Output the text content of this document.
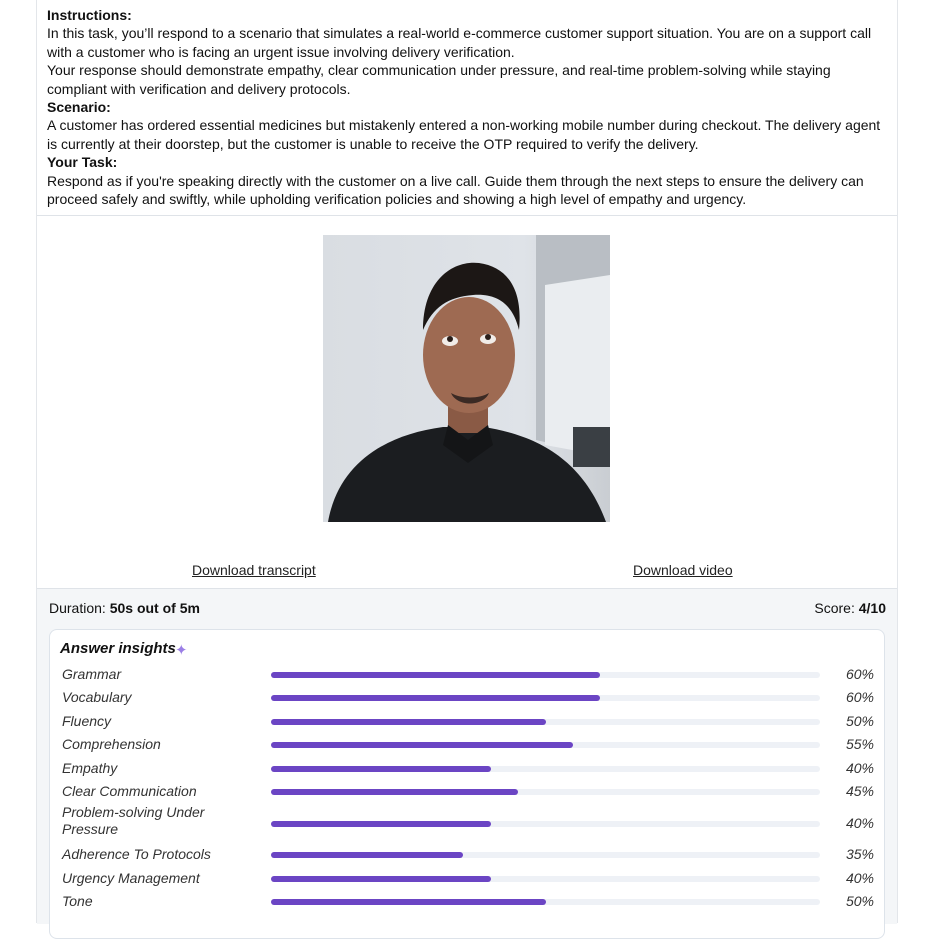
Instructions:

In this task, you’ll respond to a scenario that simulates a real-world e-commerce customer support situation. You are on a support call with a customer who is facing an urgent issue involving delivery verification.

Your response should demonstrate empathy, clear communication under pressure, and real-time problem-solving while staying compliant with verification and delivery protocols.

Scenario:

A customer has ordered essential medicines but mistakenly entered a non-working mobile number during checkout. The delivery agent is currently at their doorstep, but the customer is unable to receive the OTP required to verify the delivery.

Your Task:

Respond as if you're speaking directly with the customer on a live call. Guide them through the next steps to ensure the delivery can proceed safely and swiftly, while upholding verification policies and showing a high level of empathy and urgency.

Download transcript	Download video
Duration: 50s out of 5m	Score: 4/10
Answer insights ✦
Grammar	60%
Vocabulary	60%
Fluency	50%
Comprehension	55%
Empathy	40%
Clear Communication	45%
Problem-solving Under Pressure	40%
Adherence To Protocols	35%
Urgency Management	40%
Tone	50%
